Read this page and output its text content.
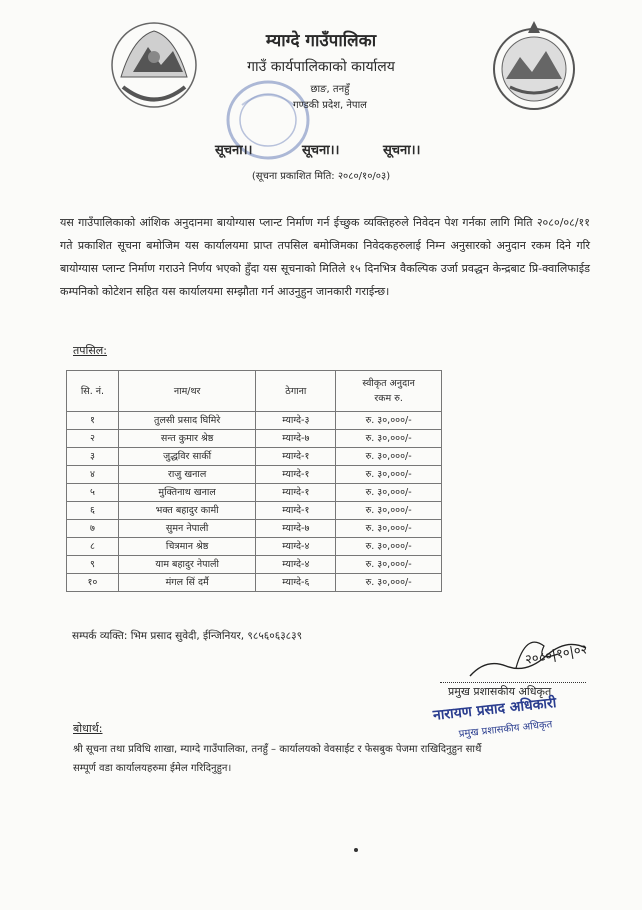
म्याग्दे गाउँपालिका
गाउँ कार्यपालिकाको कार्यालय
छाङ, तनहुँ
गण्डकी प्रदेश, नेपाल
सूचना।।	सूचना।।	सूचना।।
(सूचना प्रकाशित मिति: २०८०/१०/०३)
यस गाउँपालिकाको आंशिक अनुदानमा बायोग्यास प्लान्ट निर्माण गर्न ईच्छुक व्यक्तिहरुले निवेदन पेश गर्नका लागि मिति २०८०/०८/११ गते प्रकाशित सूचना बमोजिम यस कार्यालयमा प्राप्त तपसिल बमोजिमका निवेदकहरुलाई निम्न अनुसारको अनुदान रकम दिने गरि बायोग्यास प्लान्ट निर्माण गराउने निर्णय भएको हुँदा यस सूचनाको मितिले १५ दिनभित्र वैकल्पिक उर्जा प्रवद्धन केन्द्रबाट प्रि-क्वालिफाईड कम्पनिको कोटेशन सहित यस कार्यालयमा सम्झौता गर्न आउनुहुन जानकारी गराईन्छ।
तपसिल:
सि. नं.	नाम/थर	ठेगाना	स्वीकृत अनुदान
रकम रु.

१	तुलसी प्रसाद घिमिरे	म्याग्दे-३	रु. ३०,०००/-
२	सन्त कुमार श्रेष्ठ	म्याग्दे-७	रु. ३०,०००/-
३	जुद्धविर सार्की	म्याग्दे-१	रु. ३०,०००/-
४	राजु खनाल	म्याग्दे-१	रु. ३०,०००/-
५	मुक्तिनाथ खनाल	म्याग्दे-१	रु. ३०,०००/-
६	भक्त बहादुर कामी	म्याग्दे-१	रु. ३०,०००/-
७	सुमन नेपाली	म्याग्दे-७	रु. ३०,०००/-
८	चित्रमान श्रेष्ठ	म्याग्दे-४	रु. ३०,०००/-
९	याम बहादुर नेपाली	म्याग्दे-४	रु. ३०,०००/-
१०	मंगल सिं दर्मै	म्याग्दे-६	रु. ३०,०००/-
सम्पर्क व्यक्ति: भिम प्रसाद सुवेदी, ईन्जिनियर, ९८५६०६३८३९
२०८०|१०|०२
प्रमुख प्रशासकीय अधिकृत
नारायण प्रसाद अधिकारी
प्रमुख प्रशासकीय अधिकृत
बोधार्थ:
श्री सूचना तथा प्रविधि शाखा, म्याग्दे गाउँपालिका, तनहुँ – कार्यालयको वेवसाईट र फेसबुक पेजमा राखिदिनुहुन सार्थै
सम्पूर्ण वडा कार्यालयहरुमा ईमेल गरिदिनुहुन।
